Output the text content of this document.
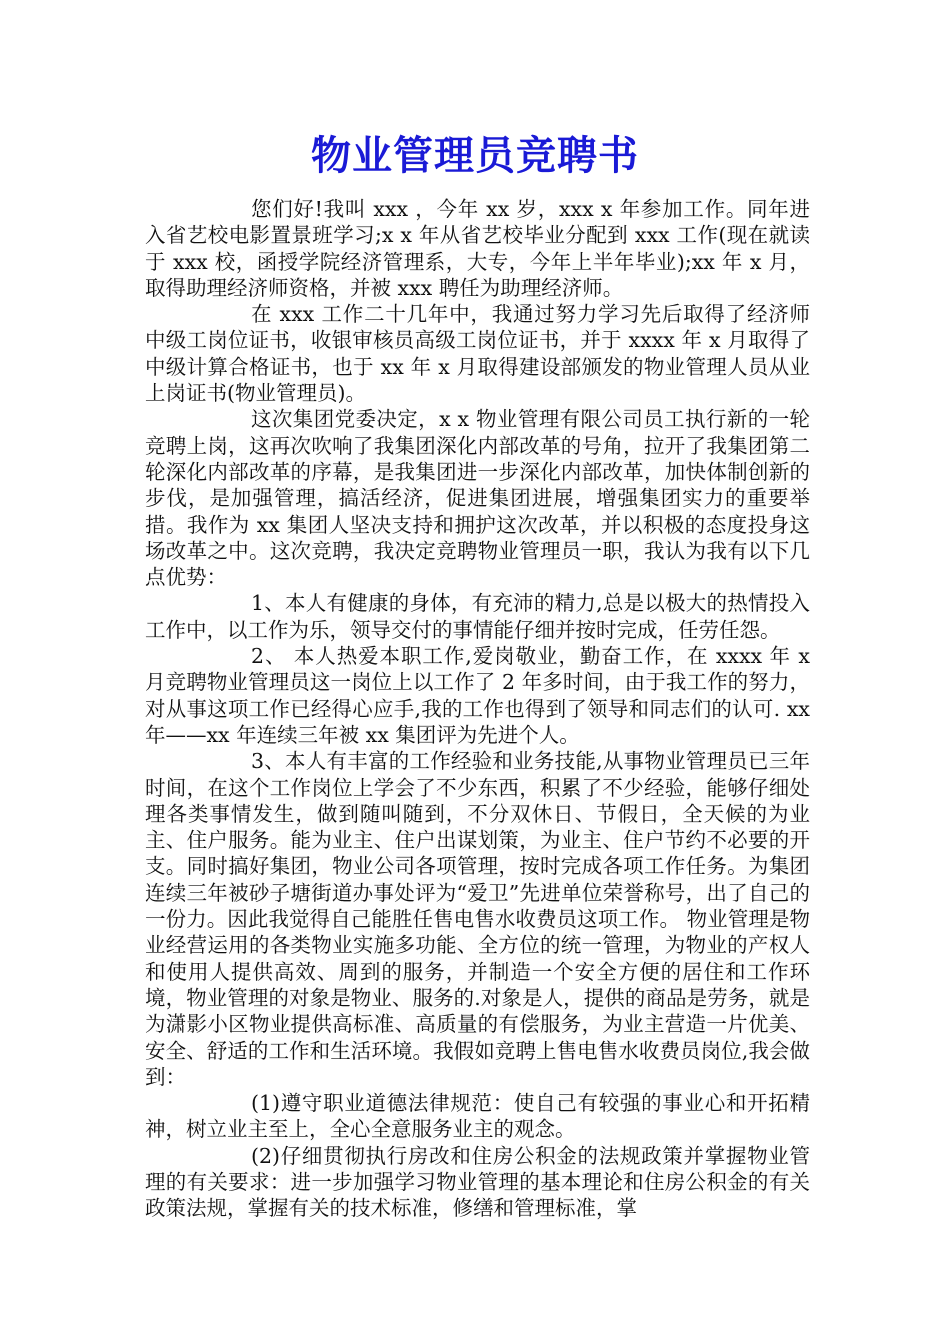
物业管理员竞聘书

您们好!我叫 xxx ，今年 xx 岁，xxx x 年参加工作。同年进入省艺校电影置景班学习;x x 年从省艺校毕业分配到 xxx 工作(现在就读于 xxx 校，函授学院经济管理系，大专，今年上半年毕业);xx 年 x 月，取得助理经济师资格，并被 xxx 聘任为助理经济师。

在 xxx 工作二十几年中，我通过努力学习先后取得了经济师中级工岗位证书，收银审核员高级工岗位证书，并于 xxxx 年 x 月取得了中级计算合格证书，也于 xx 年 x 月取得建设部颁发的物业管理人员从业上岗证书(物业管理员)。

这次集团党委决定，x x 物业管理有限公司员工执行新的一轮竞聘上岗，这再次吹响了我集团深化内部改革的号角，拉开了我集团第二轮深化内部改革的序幕，是我集团进一步深化内部改革，加快体制创新的步伐，是加强管理，搞活经济，促进集团进展，增强集团实力的重要举措。我作为 xx 集团人坚决支持和拥护这次改革，并以积极的态度投身这场改革之中。这次竞聘，我决定竞聘物业管理员一职，我认为我有以下几点优势：

1、本人有健康的身体，有充沛的精力,总是以极大的热情投入工作中，以工作为乐，领导交付的事情能仔细并按时完成，任劳任怨。

2、 本人热爱本职工作,爱岗敬业，勤奋工作，在 xxxx 年 x 月竞聘物业管理员这一岗位上以工作了 2 年多时间，由于我工作的努力，对从事这项工作已经得心应手,我的工作也得到了领导和同志们的认可. xx 年——xx 年连续三年被 xx 集团评为先进个人。

3、本人有丰富的工作经验和业务技能,从事物业管理员已三年时间，在这个工作岗位上学会了不少东西，积累了不少经验，能够仔细处理各类事情发生，做到随叫随到，不分双休日、节假日，全天候的为业主、住户服务。能为业主、住户出谋划策，为业主、住户节约不必要的开支。同时搞好集团，物业公司各项管理，按时完成各项工作任务。为集团连续三年被砂子塘街道办事处评为“爱卫”先进单位荣誉称号，出了自己的一份力。因此我觉得自己能胜任售电售水收费员这项工作。 物业管理是物业经营运用的各类物业实施多功能、全方位的统一管理，为物业的产权人和使用人提供高效、周到的服务，并制造一个安全方便的居住和工作环境，物业管理的对象是物业、服务的.对象是人，提供的商品是劳务，就是为潇影小区物业提供高标准、高质量的有偿服务，为业主营造一片优美、安全、舒适的工作和生活环境。我假如竞聘上售电售水收费员岗位,我会做到：

(1)遵守职业道德法律规范：使自己有较强的事业心和开拓精神，树立业主至上，全心全意服务业主的观念。

(2)仔细贯彻执行房改和住房公积金的法规政策并掌握物业管理的有关要求：进一步加强学习物业管理的基本理论和住房公积金的有关政策法规，掌握有关的技术标准，修缮和管理标准，掌
